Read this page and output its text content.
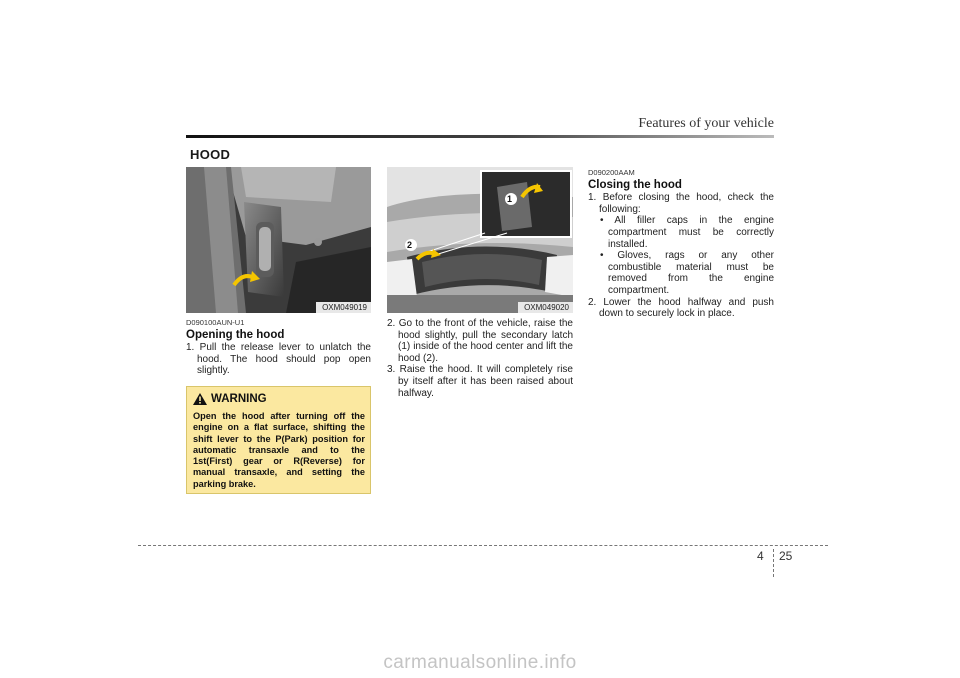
Features of your vehicle
HOOD
OXM049019
1
2
OXM049020
D090100AUN-U1
Opening the hood
1. Pull the release lever to unlatch the hood. The hood should pop open slightly.
2. Go to the front of the vehicle, raise the hood slightly, pull the secondary latch (1) inside of the hood center and lift the hood (2).
3. Raise the hood. It will completely rise by itself after it has been raised about halfway.
WARNING
Open the hood after turning off the engine on a flat surface, shifting the shift lever to the P(Park) position for automatic transaxle and to the 1st(First) gear or R(Reverse) for manual transaxle, and setting the parking brake.
D090200AAM
Closing the hood
1. Before closing the hood, check the following:
• All filler caps in the engine compartment must be correctly installed.
• Gloves, rags or any other combustible material must be removed from the engine compartment.
2. Lower the hood halfway and push down to securely lock in place.
4 25
carmanualsonline.info
